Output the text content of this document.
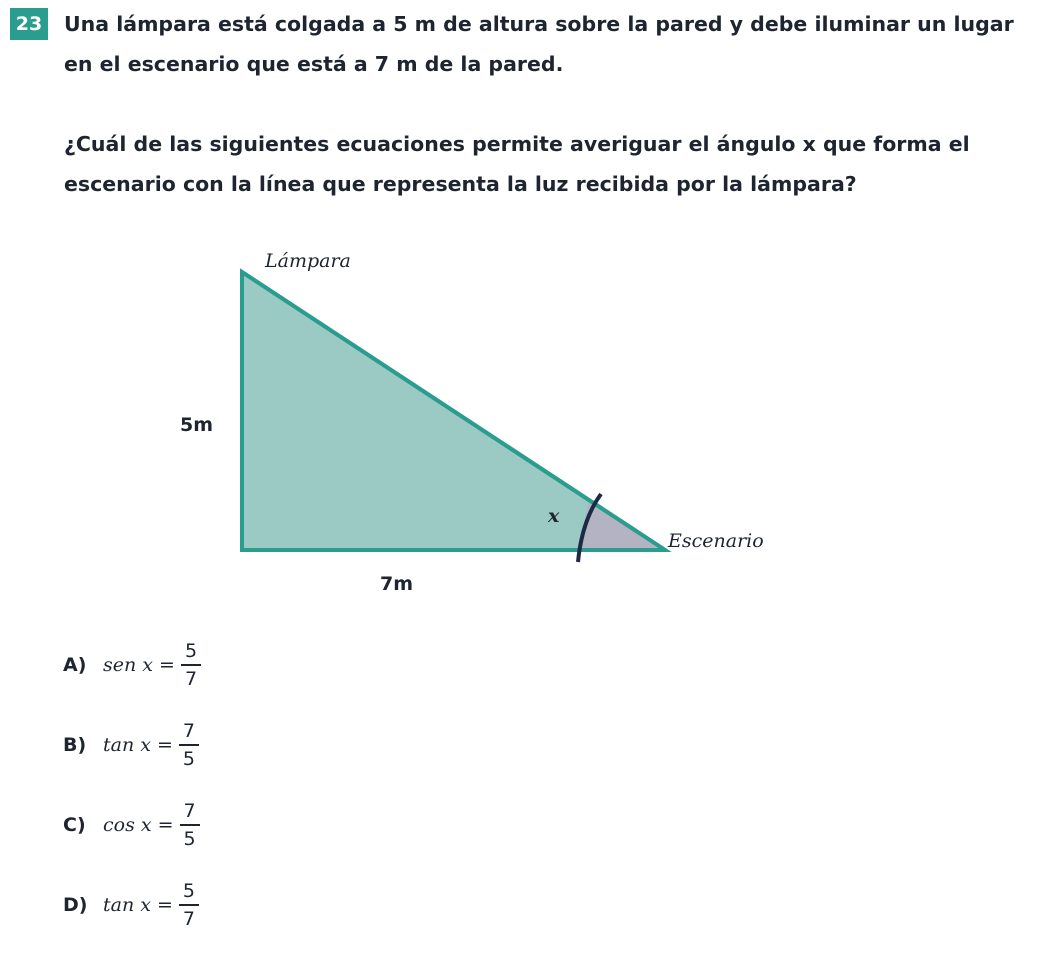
23 Una lámpara está colgada a 5 m de altura sobre la pared y debe iluminar un lugar en el escenario que está a 7 m de la pared.
¿Cuál de las siguientes ecuaciones permite averiguar el ángulo x que forma el escenario con la línea que representa la luz recibida por la lámpara?
Lámpara
Escenario
5m
7m
x
A) sen $x = \frac{5}{7}$
B) $\tan x = \frac{7}{5}$
C) $\cos x = \frac{7}{5}$
D) $\tan x = \frac{5}{7}$
